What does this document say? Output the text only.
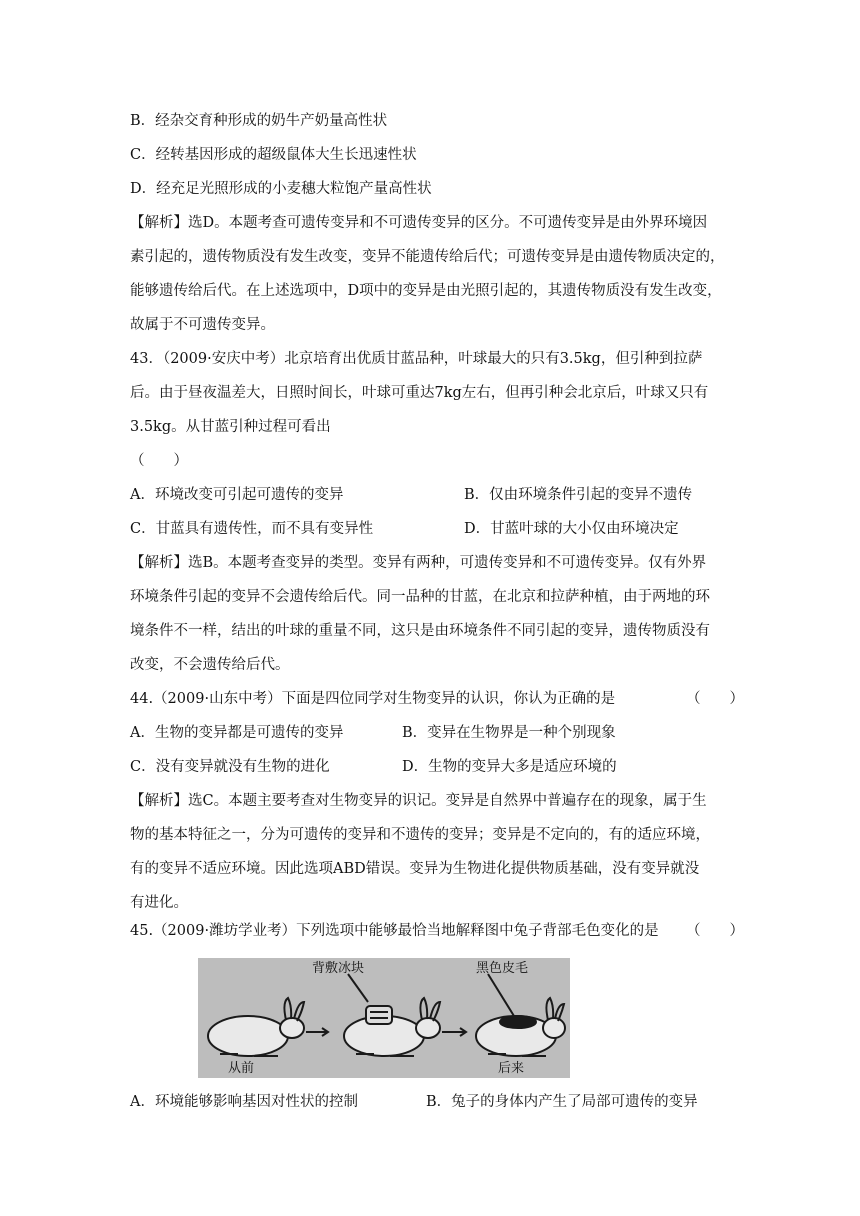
B．经杂交育种形成的奶牛产奶量高性状
C．经转基因形成的超级鼠体大生长迅速性状
D．经充足光照形成的小麦穗大粒饱产量高性状
【解析】选D。本题考查可遗传变异和不可遗传变异的区分。不可遗传变异是由外界环境因
素引起的，遗传物质没有发生改变，变异不能遗传给后代；可遗传变异是由遗传物质决定的，
能够遗传给后代。在上述选项中，D项中的变异是由光照引起的，其遗传物质没有发生改变，
故属于不可遗传变异。
43．（2009·安庆中考）北京培育出优质甘蓝品种，叶球最大的只有3.5kg，但引种到拉萨
后。由于昼夜温差大，日照时间长，叶球可重达7kg左右，但再引种会北京后，叶球又只有
3.5kg。从甘蓝引种过程可看出
（　　）
A．环境改变可引起可遗传的变异	B．仅由环境条件引起的变异不遗传
C．甘蓝具有遗传性，而不具有变异性	D．甘蓝叶球的大小仅由环境决定
【解析】选B。本题考查变异的类型。变异有两种，可遗传变异和不可遗传变异。仅有外界
环境条件引起的变异不会遗传给后代。同一品种的甘蓝，在北京和拉萨种植，由于两地的环
境条件不一样，结出的叶球的重量不同，这只是由环境条件不同引起的变异，遗传物质没有
改变，不会遗传给后代。
44.（2009·山东中考）下面是四位同学对生物变异的认识，你认为正确的是	（　　）
A．生物的变异都是可遗传的变异	B．变异在生物界是一种个别现象
C．没有变异就没有生物的进化	D．生物的变异大多是适应环境的
【解析】选C。本题主要考查对生物变异的识记。变异是自然界中普遍存在的现象，属于生
物的基本特征之一，分为可遗传的变异和不遗传的变异；变异是不定向的，有的适应环境，
有的变异不适应环境。因此选项ABD错误。变异为生物进化提供物质基础，没有变异就没
有进化。
45.（2009·潍坊学业考）下列选项中能够最恰当地解释图中兔子背部毛色变化的是 （　　）
背敷冰块	黑色皮毛
从前	后来
A．环境能够影响基因对性状的控制	B．兔子的身体内产生了局部可遗传的变异
